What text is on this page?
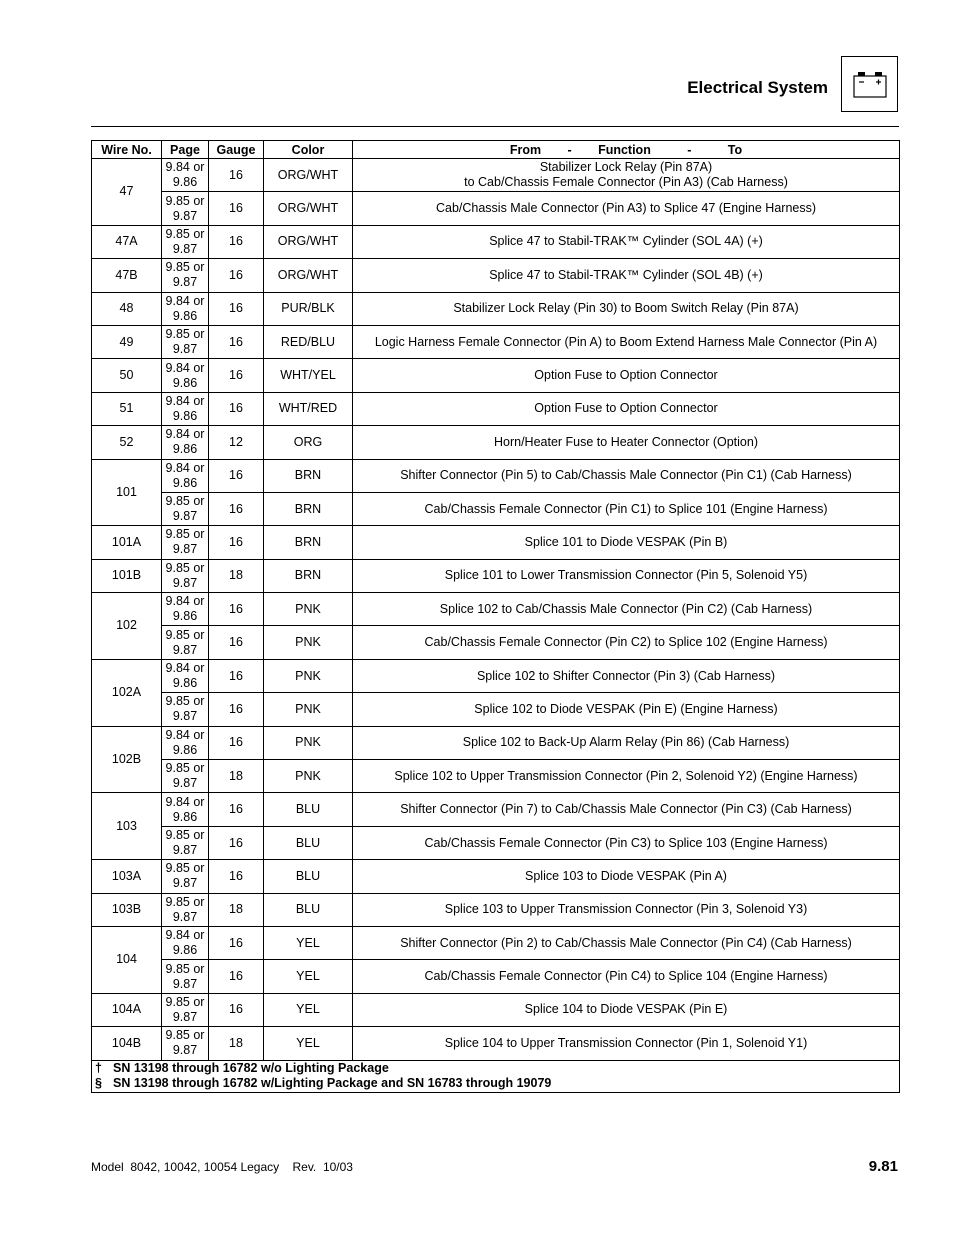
Electrical System
Wire No.	Page	Gauge	Color	From - Function - To
47	9.84 or 9.86	16	ORG/WHT	Stabilizer Lock Relay (Pin 87A)
to Cab/Chassis Female Connector (Pin A3) (Cab Harness)
	9.85 or 9.87	16	ORG/WHT	Cab/Chassis Male Connector (Pin A3) to Splice 47 (Engine Harness)
47A	9.85 or 9.87	16	ORG/WHT	Splice 47 to Stabil-TRAK™ Cylinder (SOL 4A) (+)
47B	9.85 or 9.87	16	ORG/WHT	Splice 47 to Stabil-TRAK™ Cylinder (SOL 4B) (+)
48	9.84 or 9.86	16	PUR/BLK	Stabilizer Lock Relay (Pin 30) to Boom Switch Relay (Pin 87A)
49	9.85 or 9.87	16	RED/BLU	Logic Harness Female Connector (Pin A) to Boom Extend Harness Male Connector (Pin A)
50	9.84 or 9.86	16	WHT/YEL	Option Fuse to Option Connector
51	9.84 or 9.86	16	WHT/RED	Option Fuse to Option Connector
52	9.84 or 9.86	12	ORG	Horn/Heater Fuse to Heater Connector (Option)
101	9.84 or 9.86	16	BRN	Shifter Connector (Pin 5) to Cab/Chassis Male Connector (Pin C1) (Cab Harness)
	9.85 or 9.87	16	BRN	Cab/Chassis Female Connector (Pin C1) to Splice 101 (Engine Harness)
101A	9.85 or 9.87	16	BRN	Splice 101 to Diode VESPAK (Pin B)
101B	9.85 or 9.87	18	BRN	Splice 101 to Lower Transmission Connector (Pin 5, Solenoid Y5)
102	9.84 or 9.86	16	PNK	Splice 102 to Cab/Chassis Male Connector (Pin C2) (Cab Harness)
	9.85 or 9.87	16	PNK	Cab/Chassis Female Connector (Pin C2) to Splice 102 (Engine Harness)
102A	9.84 or 9.86	16	PNK	Splice 102 to Shifter Connector (Pin 3) (Cab Harness)
	9.85 or 9.87	16	PNK	Splice 102 to Diode VESPAK (Pin E) (Engine Harness)
102B	9.84 or 9.86	16	PNK	Splice 102 to Back-Up Alarm Relay (Pin 86) (Cab Harness)
	9.85 or 9.87	18	PNK	Splice 102 to Upper Transmission Connector (Pin 2, Solenoid Y2) (Engine Harness)
103	9.84 or 9.86	16	BLU	Shifter Connector (Pin 7) to Cab/Chassis Male Connector (Pin C3) (Cab Harness)
	9.85 or 9.87	16	BLU	Cab/Chassis Female Connector (Pin C3) to Splice 103 (Engine Harness)
103A	9.85 or 9.87	16	BLU	Splice 103 to Diode VESPAK (Pin A)
103B	9.85 or 9.87	18	BLU	Splice 103 to Upper Transmission Connector (Pin 3, Solenoid Y3)
104	9.84 or 9.86	16	YEL	Shifter Connector (Pin 2) to Cab/Chassis Male Connector (Pin C4) (Cab Harness)
	9.85 or 9.87	16	YEL	Cab/Chassis Female Connector (Pin C4) to Splice 104 (Engine Harness)
104A	9.85 or 9.87	16	YEL	Splice 104 to Diode VESPAK (Pin E)
104B	9.85 or 9.87	18	YEL	Splice 104 to Upper Transmission Connector (Pin 1, Solenoid Y1)

† SN 13198 through 16782 w/o Lighting Package
§ SN 13198 through 16782 w/Lighting Package and SN 16783 through 19079				
Model  8042, 10042, 10054 Legacy    Rev.  10/03	9.81
